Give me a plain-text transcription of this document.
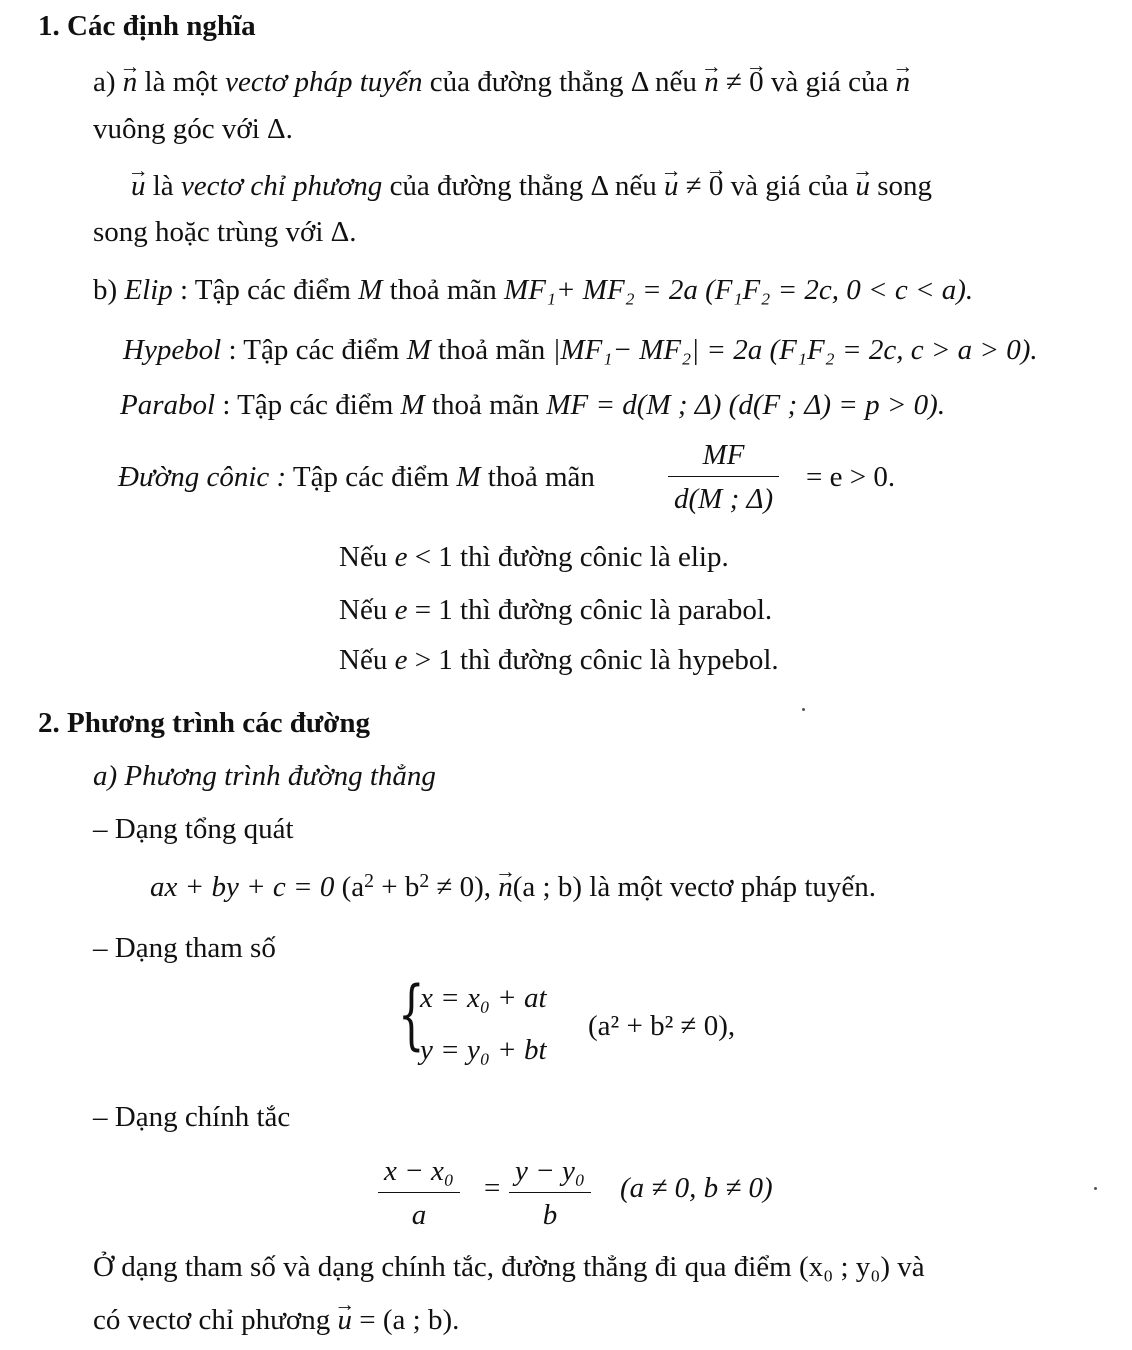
1. Các định nghĩa
a) → n là một vectơ pháp tuyến của đường thẳng Δ nếu → n ≠ → 0 và giá của → n
vuông góc với Δ.
→ u là vectơ chỉ phương của đường thẳng Δ nếu → u ≠ → 0 và giá của → u song
song hoặc trùng với Δ.
b) Elip : Tập các điểm M thoả mãn MF₁+ MF₂ = 2a (F₁F₂ = 2c, 0 < c < a).
Hypebol : Tập các điểm M thoả mãn |MF₁− MF₂| = 2a (F₁F₂ = 2c, c > a > 0).
Parabol : Tập các điểm M thoả mãn MF = d(M ; Δ) (d(F ; Δ) = p > 0).
Đường cônic : Tập các điểm M thoả mãn	$\frac{MF}{d(M ; \Delta)} = e > 0$.
Nếu e < 1 thì đường cônic là elip.
Nếu e = 1 thì đường cônic là parabol.
Nếu e > 1 thì đường cônic là hypebol.
2. Phương trình các đường
a) Phương trình đường thẳng
– Dạng tổng quát
ax + by + c = 0 $(a^2 + b^2 \ne 0)$, → n(a ; b) là một vectơ pháp tuyến.
– Dạng tham số
{
x = x₀ + at
y = y₀ + bt
(a² + b² ≠ 0),
– Dạng chính tắc
$\frac{\text{x − x₀}}{a} = \frac{\text{y − y₀}}{b} (a \ne 0$, b ≠ 0)
Ở dạng tham số và dạng chính tắc, đường thẳng đi qua điểm (x₀ ; y₀) và
có vectơ chỉ phương → u = (a ; b).
